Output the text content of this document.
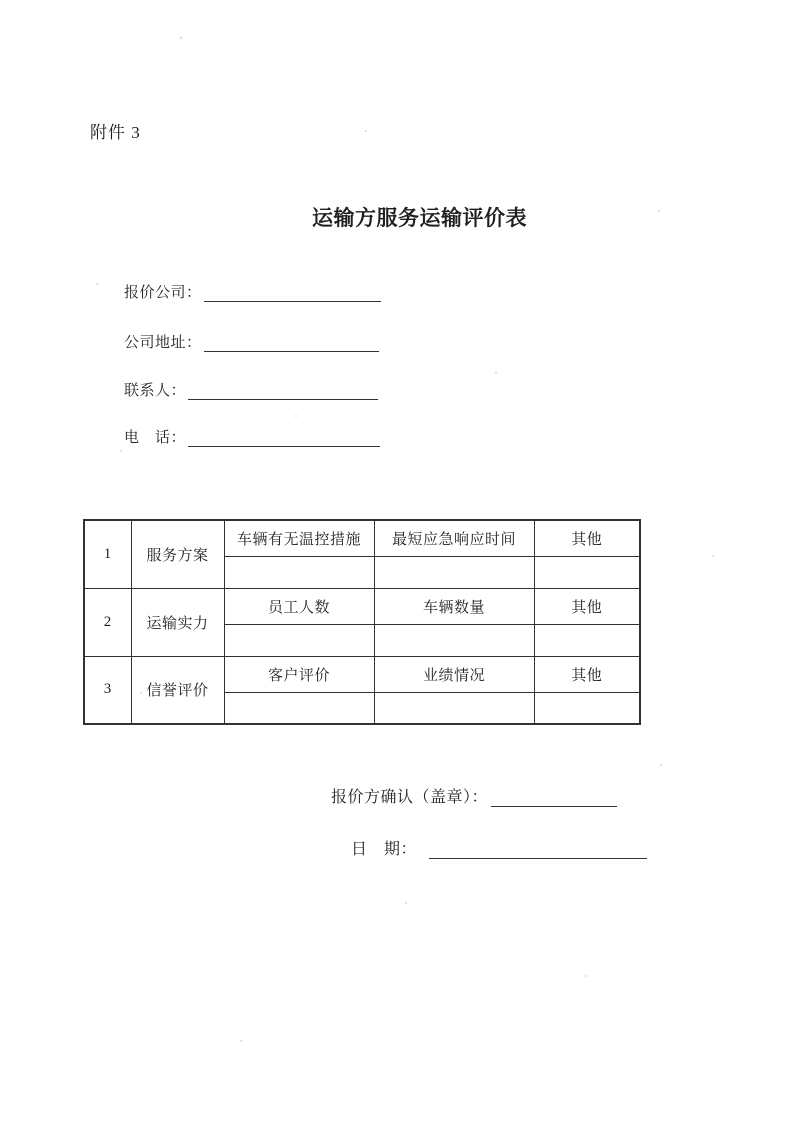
附件 3
运输方服务运输评价表
报价公司：
公司地址：
联系人：
电　话：
1	服务方案	车辆有无温控措施	最短应急响应时间	其他

2	运输实力	员工人数	车辆数量	其他

3	信誉评价	客户评价	业绩情况	其他

报价方确认（盖章）：
日　期：
